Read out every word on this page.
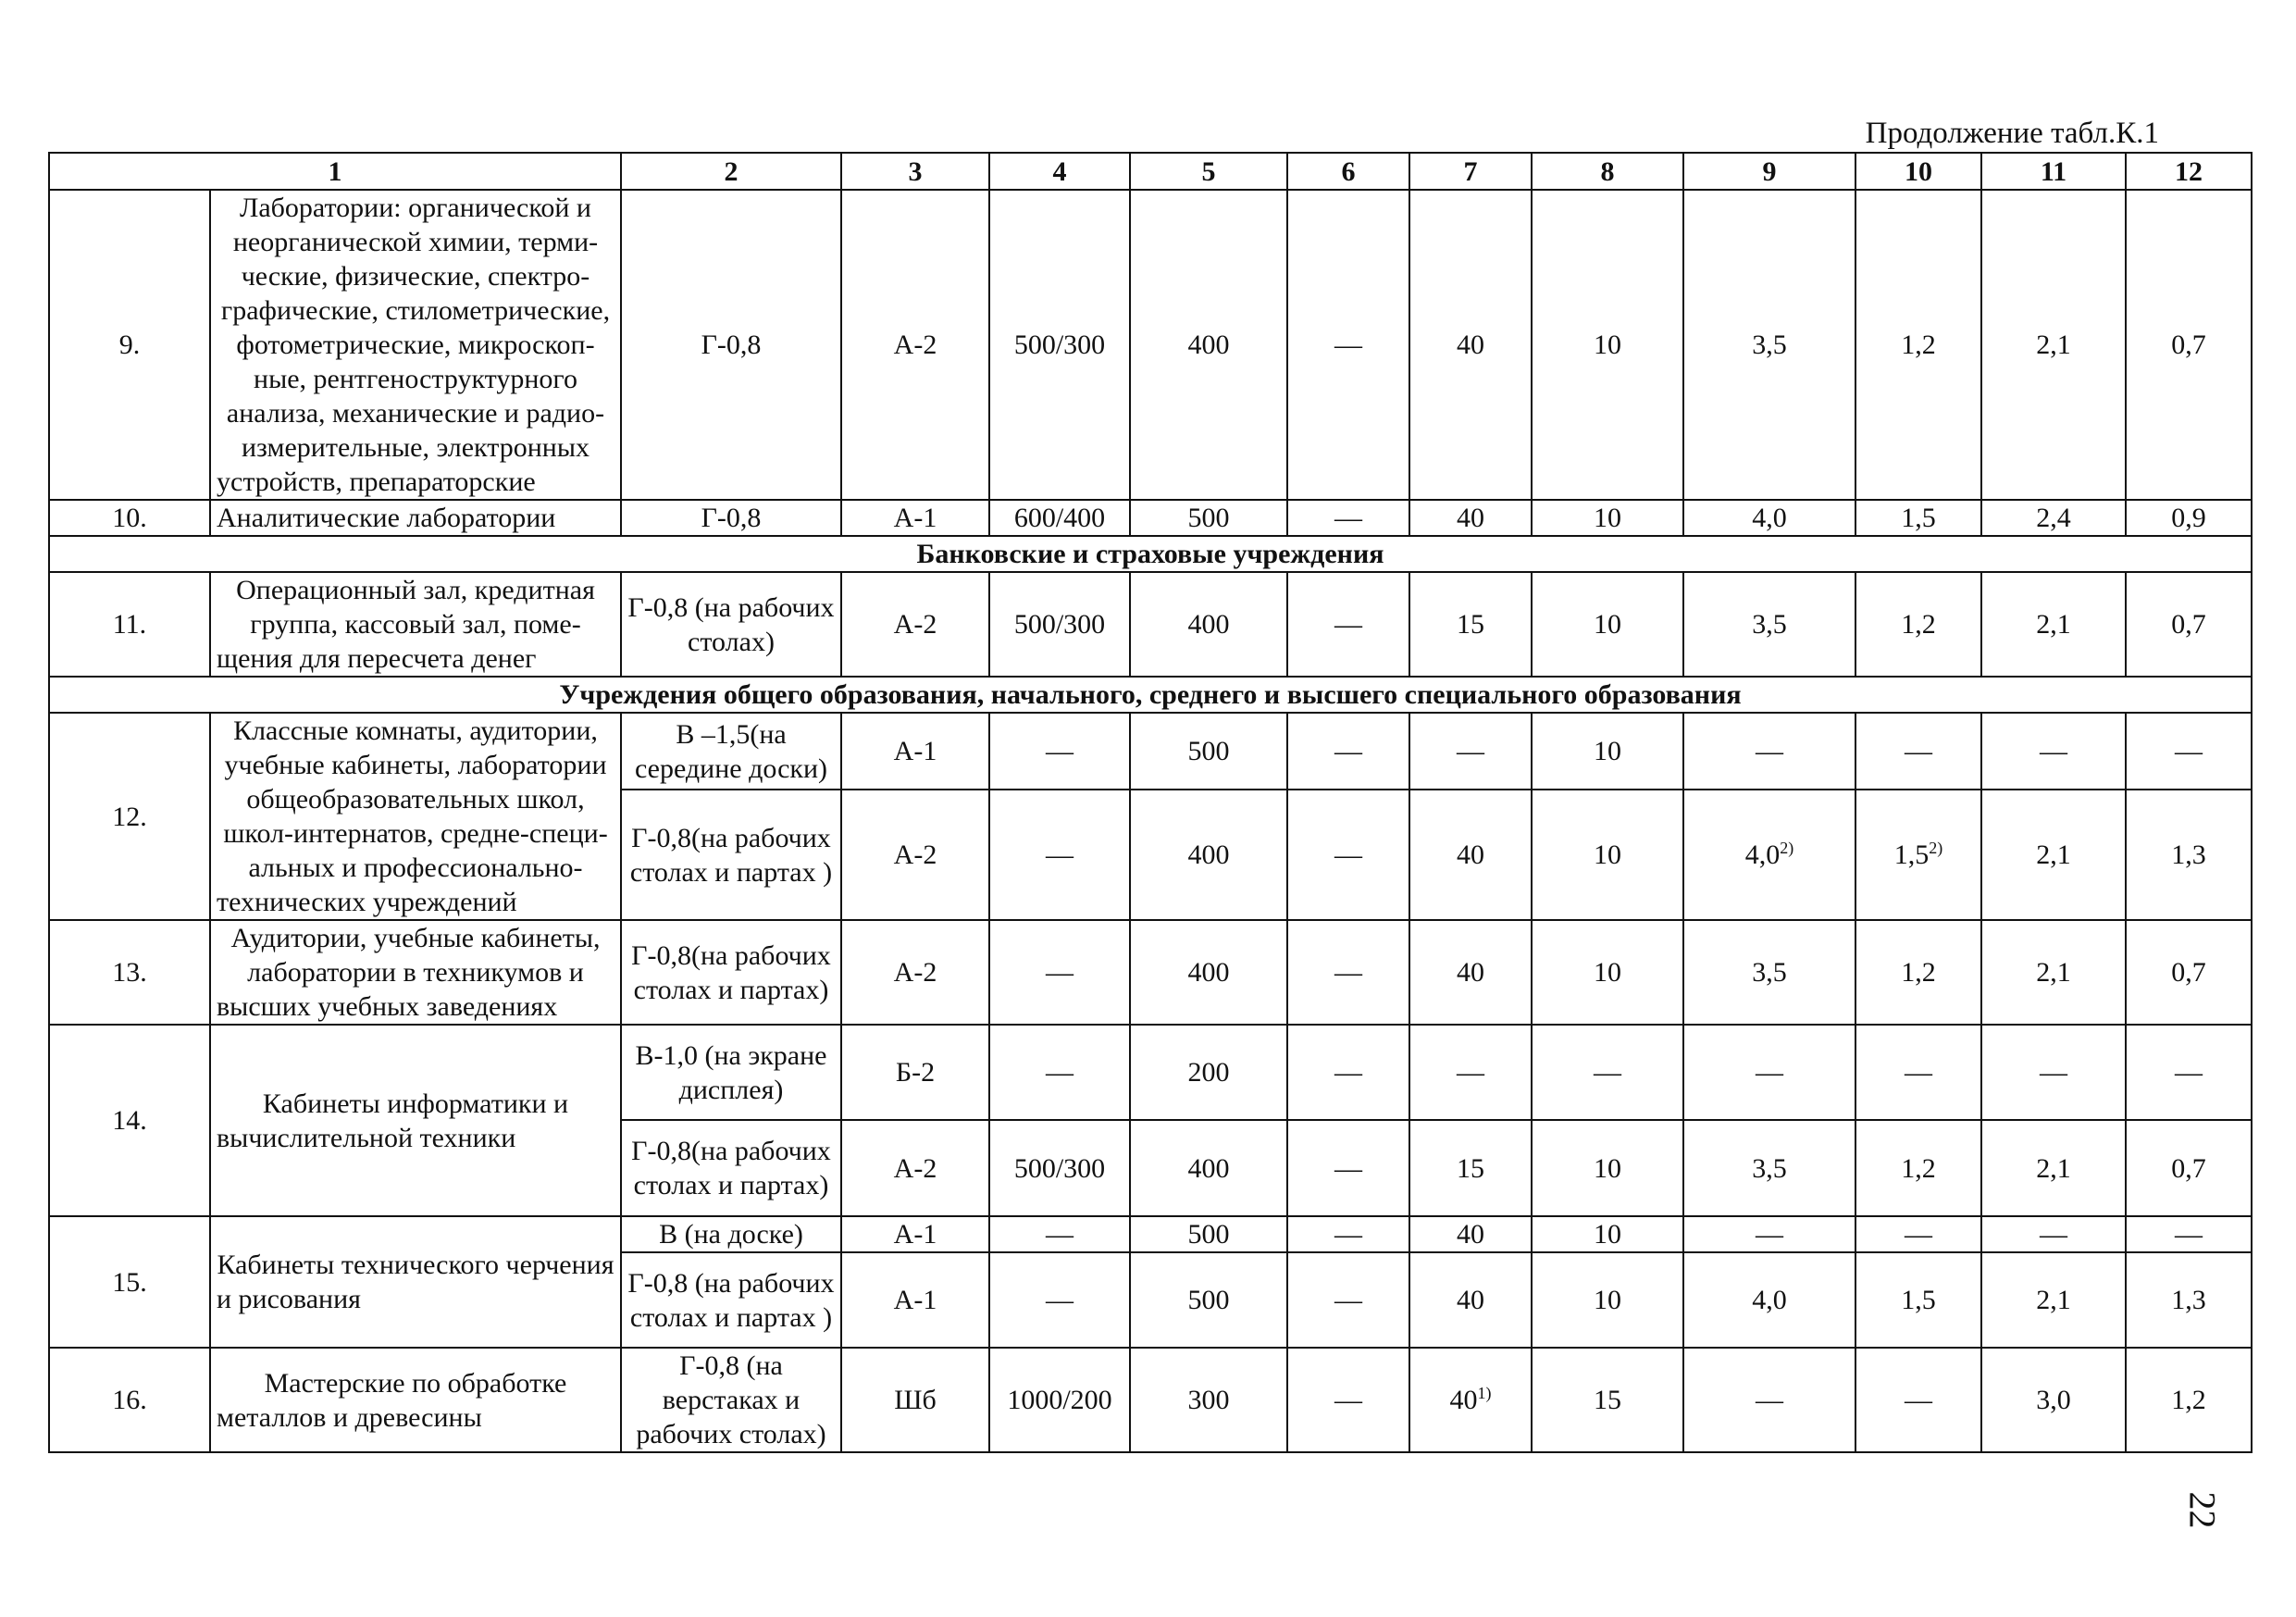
Продолжение табл.К.1
1		2	3	4	5	6	7	8	9	10	11	12
9.	Лаборатории: органической и неорганической химии, терми-ческие, физические, спектро-графические, стилометрические, фотометрические, микроскоп-ные, рентгеноструктурного анализа, механические и радио-измерительные, электронных устройств, препараторские	Г-0,8	А-2	500/300	400	—	40	10	3,5	1,2	2,1	0,7
10.	Аналитические лаборатории	Г-0,8	А-1	600/400	500	—	40	10	4,0	1,5	2,4	0,9
Банковские и страховые учреждения												
11.	Операционный зал, кредитная группа, кассовый зал, поме-щения для пересчета денег	Г-0,8 (на рабочих столах)	А-2	500/300	400	—	15	10	3,5	1,2	2,1	0,7
Учреждения общего образования, начального, среднего и высшего специального образования												
12.	Классные комнаты, аудитории, учебные кабинеты, лаборатории общеобразовательных школ, школ-интернатов, средне-специ-альных и профессионально-технических учреждений	В –1,5(на середине доски)	А-1	—	500	—	—	10	—	—	—	—
		Г-0,8(на рабочих столах и партах )	А-2	—	400	—	40	10	4,0$^{2)}$	1,5$^{2)}$	2,1	1,3
13.	Аудитории, учебные кабинеты, лаборатории в техникумов и высших учебных заведениях	Г-0,8(на рабочих столах и партах)	А-2	—	400	—	40	10	3,5	1,2	2,1	0,7
14.	Кабинеты информатики и вычислительной техники	В-1,0 (на экране дисплея)	Б-2	—	200	—	—	—	—	—	—	—
		Г-0,8(на рабочих столах и партах)	А-2	500/300	400	—	15	10	3,5	1,2	2,1	0,7
15.	Кабинеты технического черчения и рисования	В (на доске)	А-1	—	500	—	40	10	—	—	—	—
		Г-0,8 (на рабочих столах и партах )	А-1	—	500	—	40	10	4,0	1,5	2,1	1,3
16.	Мастерские по обработке металлов и древесины	Г-0,8 (на верстаках и рабочих столах)	Шб	1000/200	300	—	40$^{1)}$	15	—	—	3,0	1,2
22
